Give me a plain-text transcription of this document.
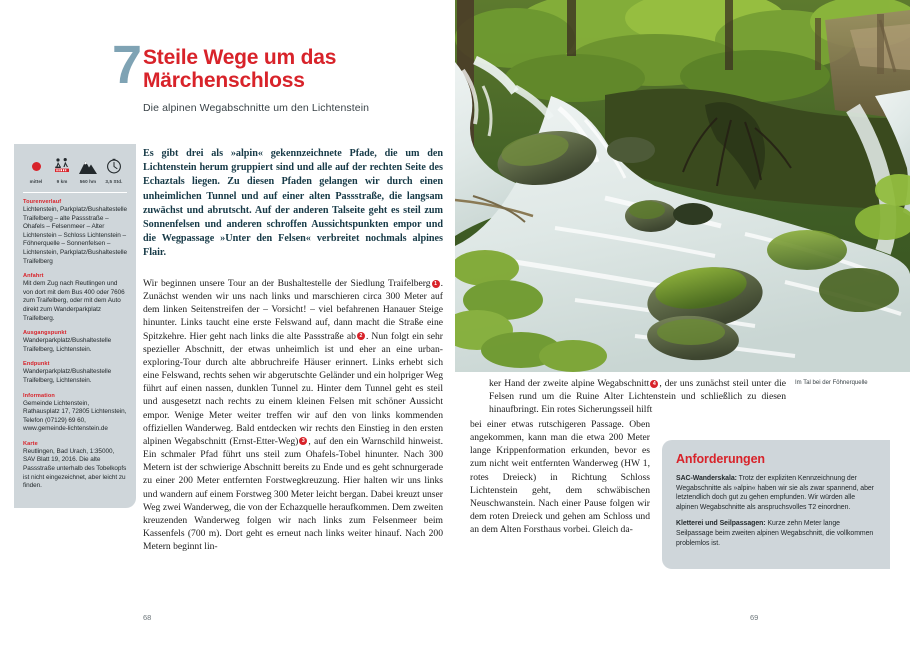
7 Steile Wege um das Märchenschloss
Die alpinen Wegabschnitte um den Lichtenstein
mittel	9 km	560 hm	3,5 Std.
Tourenverlauf
Lichtenstein, Parkplatz/Bushaltestelle Traifelberg – alte Passstraße – Ohafels – Felsenmeer – Alter Lichtenstein – Schloss Lichtenstein – Föhnerquelle – Sonnenfelsen – Lichtenstein, Parkplatz/Bushaltestelle Traifelberg
Anfahrt
Mit dem Zug nach Reutlingen und von dort mit dem Bus 400 oder 7606 zum Traifelberg, oder mit dem Auto direkt zum Wanderparkplatz Traifelberg.
Ausgangspunkt
Wanderparkplatz/Bushaltestelle Traifelberg, Lichtenstein.
Endpunkt
Wanderparkplatz/Bushaltestelle Traifelberg, Lichtenstein.
Information
Gemeinde Lichtenstein, Rathausplatz 17, 72805 Lichtenstein, Telefon (07129) 69 60, www.gemeinde-lichtenstein.de
Karte
Reutlingen, Bad Urach, 1:35000, SAV Blatt 19, 2016. Die alte Passstraße unterhalb des Tobelkopfs ist nicht eingezeichnet, aber leicht zu finden.
Es gibt drei als »alpin« gekennzeichnete Pfade, die um den Lichtenstein herum gruppiert sind und alle auf der rechten Seite des Echaztals liegen. Zu diesen Pfaden gelangen wir durch einen unheimlichen Tunnel und auf einer alten Passstraße, die langsam zuwächst und abrutscht. Auf der anderen Talseite geht es steil zum Sonnenfelsen und anderen schroffen Aussichtspunkten empor und die Wegpassage »Unter den Felsen« verbreitet nochmals alpines Flair.
Wir beginnen unsere Tour an der Bushaltestelle der Siedlung Traifelberg 1 . Zunächst wenden wir uns nach links und marschieren circa 300 Meter auf dem linken Seitenstreifen der – Vorsicht! – viel befahrenen Hanauer Steige hinunter. Links taucht eine erste Felswand auf, dann macht die Straße eine Spitzkehre. Hier geht nach links die alte Passstraße ab 2 . Nun folgt ein sehr spezieller Abschnitt, der etwas unheimlich ist und eher an eine urban-exploring-Tour durch alte abbruchreife Häuser erinnert. Links erhebt sich eine Felswand, rechts sehen wir abgerutschte Geländer und ein holpriger Weg führt auf einen nassen, dunklen Tunnel zu. Hinter dem Tunnel geht es steil und ausgesetzt nach rechts zu einem kleinen Felsen mit schöner Aussicht empor. Wenige Meter weiter treffen wir auf den von links kommenden offiziellen Wanderweg. Bald entdecken wir rechts den Einstieg in den ersten alpinen Wegabschnitt (Ernst-Etter-Weg) 3 , auf den ein Warnschild hinweist. Ein schmaler Pfad führt uns steil zum Ohafels-Tobel hinunter. Nach 300 Metern ist der schwierige Abschnitt bereits zu Ende und es geht schnurgerade zu einer 200 Meter entfernten Forstwegkreuzung. Hier halten wir uns links und wandern auf einem Forstweg 300 Meter leicht bergan. Dabei kreuzt unser Weg zwei Wanderweg, die von der Echazquelle heraufkommen. Dem zweiten kreuzenden Wanderweg folgen wir nach links zum Felsenmeer beim Kassenfels (700 m). Dort geht es erneut nach links weiter hinauf. Nach 200 Metern beginnt lin-
68	69
Im Tal bei der Föhnerquelle
ker Hand der zweite alpine Wegabschnitt 4 , der uns zunächst steil unter die Felsen rund um die Ruine Alter Lichtenstein und schließlich zu diesen hinaufbringt. Ein rotes Sicherungsseil hilft
bei einer etwas rutschigeren Passage. Oben angekommen, kann man die etwa 200 Meter lange Krippenformation erkunden, bevor es zum nicht weit entfernten Wanderweg (HW 1, rotes Dreieck) in Richtung Schloss Lichtenstein geht, dem schwäbischen Neuschwanstein. Nach einer Pause folgen wir dem roten Dreieck und gehen am Schloss und an dem Alten Forsthaus vorbei. Gleich da-
Anforderungen
SAC-Wanderskala: Trotz der expliziten Kennzeichnung der Wegabschnitte als »alpin« haben wir sie als zwar spannend, aber letztendlich doch gut zu gehen empfunden. Wir würden alle alpinen Wegabschnitte als anspruchsvolles T2 einordnen.
Kletterei und Seilpassagen: Kurze zehn Meter lange Seilpassage beim zweiten alpinen Wegabschnitt, die vollkommen problemlos ist.
